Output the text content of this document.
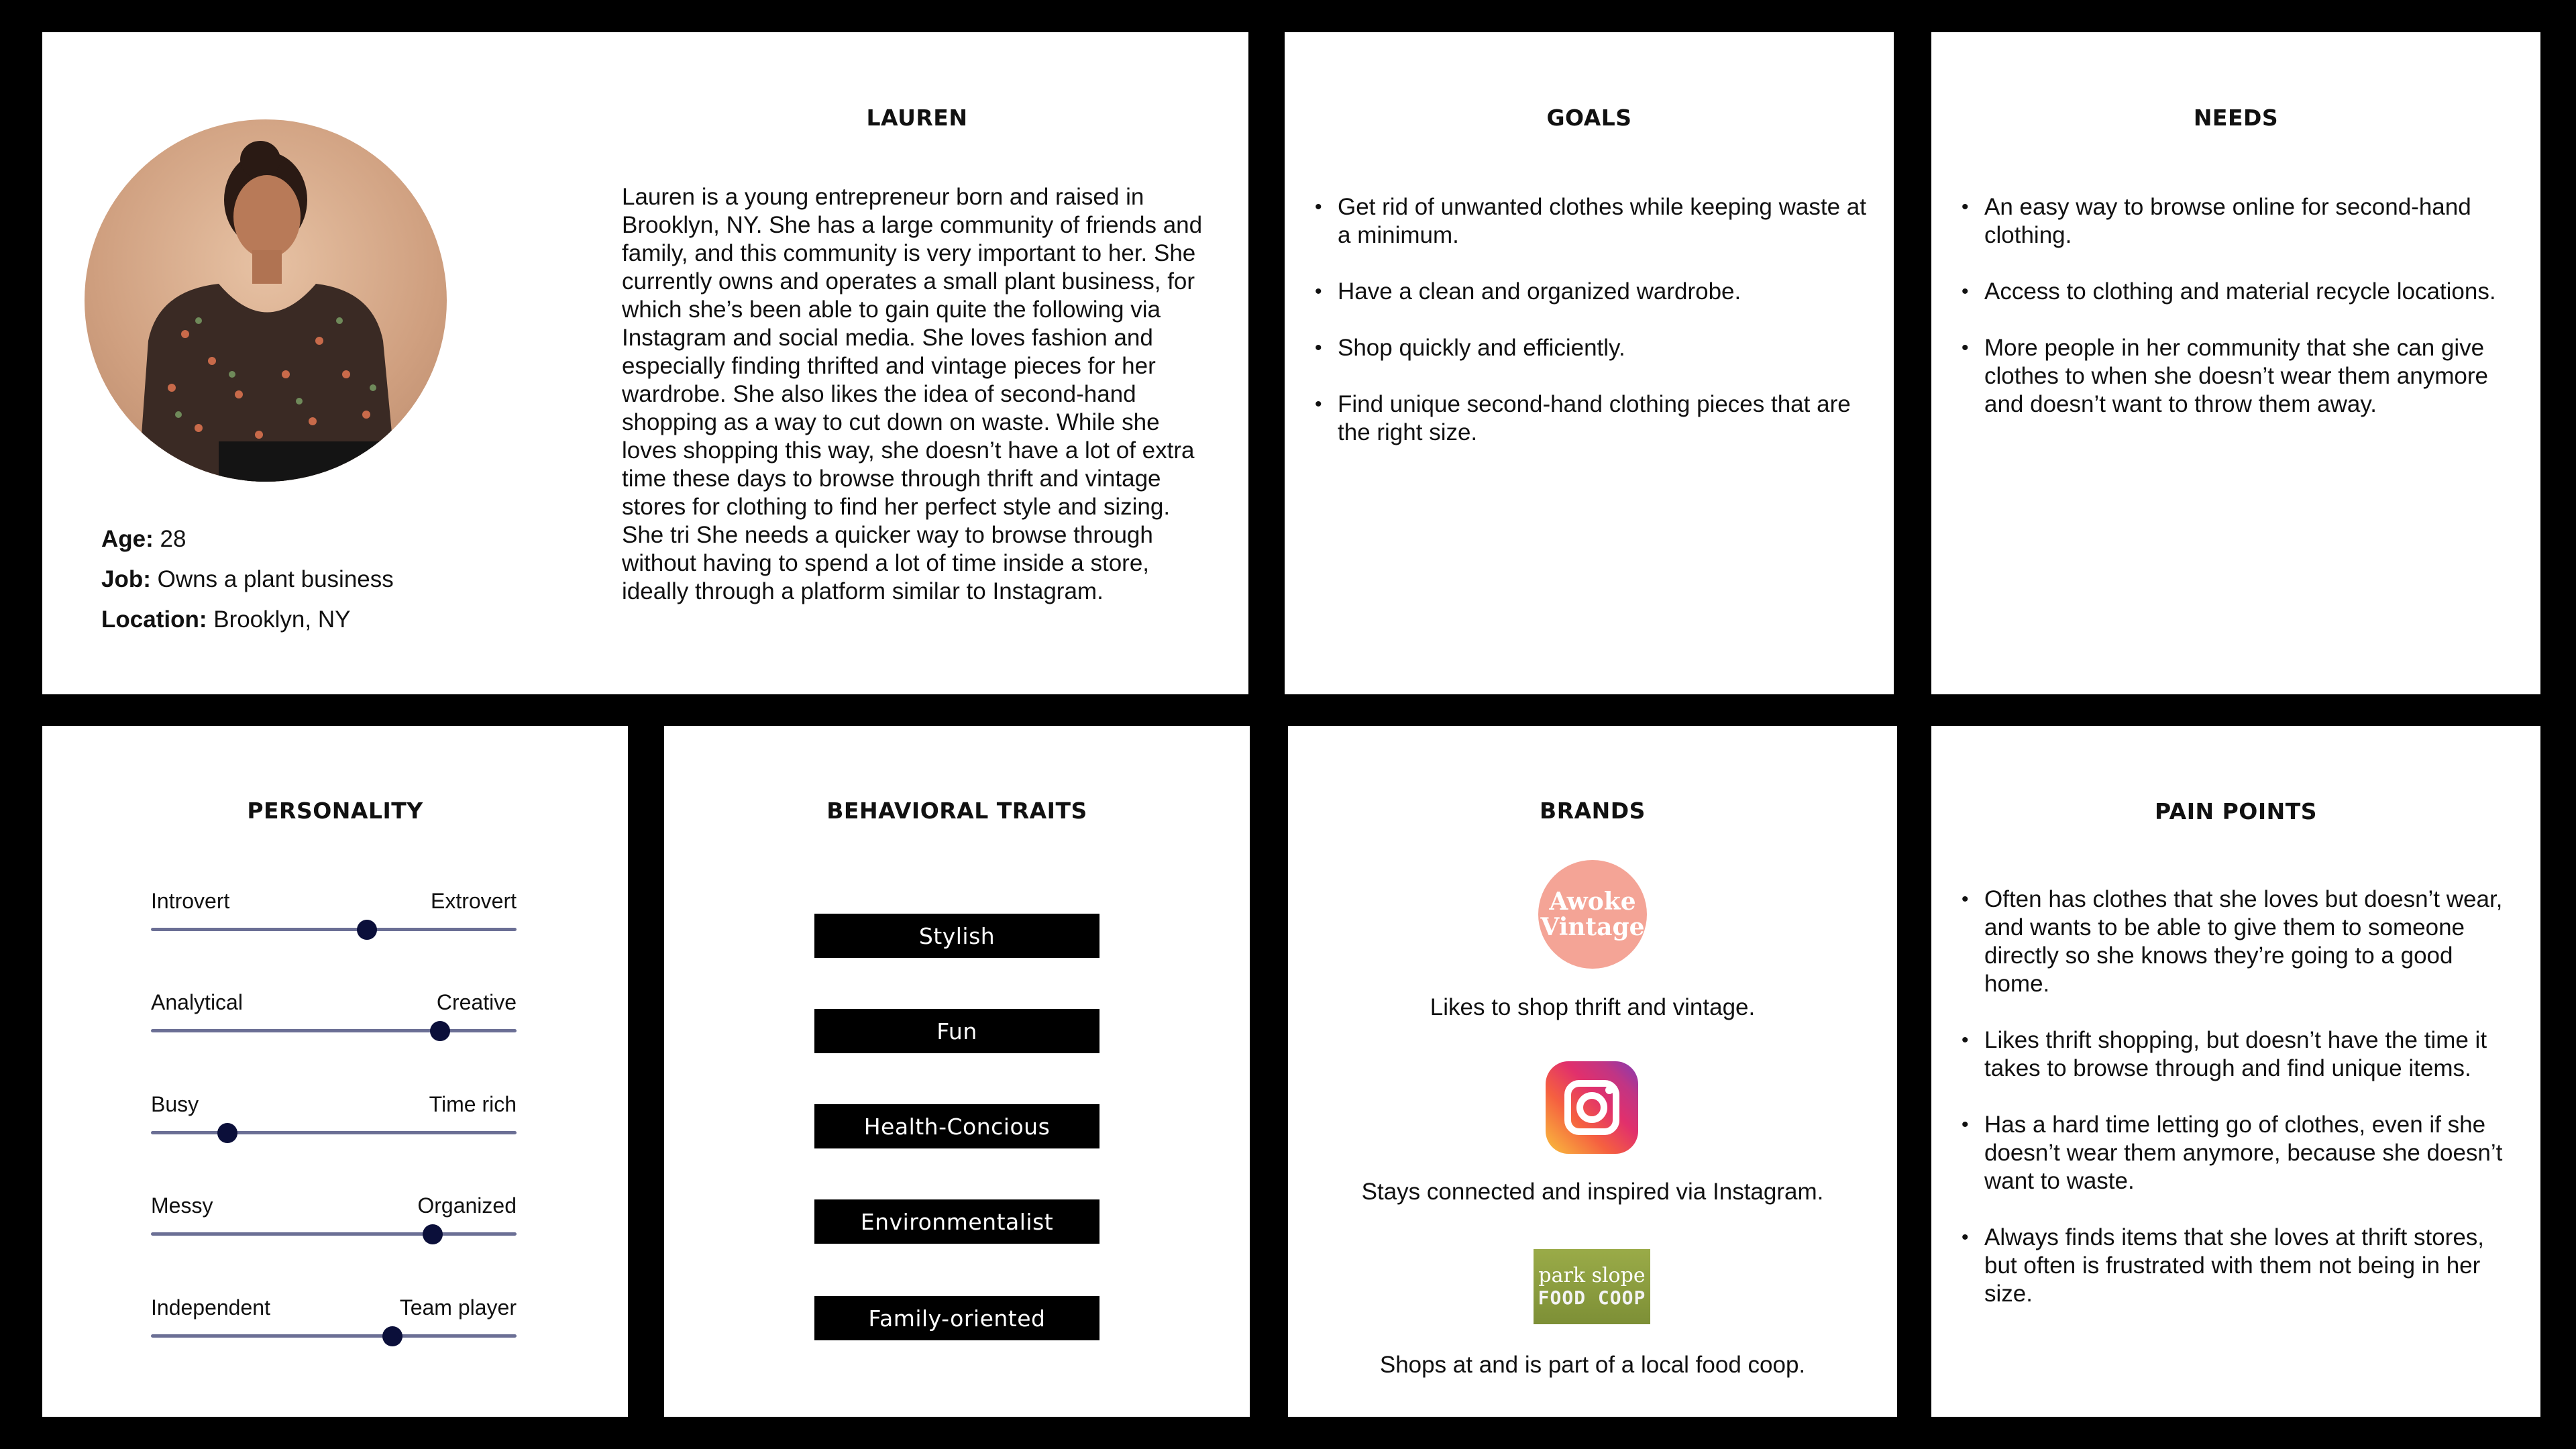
LAUREN
Age: 28
Job: Owns a plant business
Location: Brooklyn, NY

Lauren is a young entrepreneur born and raised in Brooklyn, NY. She has a large community of friends and family, and this community is very important to her. She currently owns and operates a small plant business, for which she’s been able to gain quite the following via Instagram and social media. She loves fashion and especially finding thrifted and vintage pieces for her wardrobe. She also likes the idea of second-hand shopping as a way to cut down on waste. While she loves shopping this way, she doesn’t have a lot of extra time these days to browse through thrift and vintage stores for clothing to find her perfect style and sizing. She tri She needs a quicker way to browse through without having to spend a lot of time inside a store, ideally through a platform similar to Instagram.

GOALS
• Get rid of unwanted clothes while keeping waste at a minimum.
• Have a clean and organized wardrobe.
• Shop quickly and efficiently.
• Find unique second-hand clothing pieces that are the right size.
NEEDS
• An easy way to browse online for second-hand clothing.
• Access to clothing and material recycle locations.
• More people in her community that she can give clothes to when she doesn’t wear them anymore and doesn’t want to throw them away.
PERSONALITY
Introvert	Extrovert
Analytical	Creative
Busy	Time rich
Messy	Organized
Independent	Team player
BEHAVIORAL TRAITS
Stylish
Fun
Health-Concious
Environmentalist
Family-oriented
BRANDS
Awoke
Vintage
Likes to shop thrift and vintage.
Stays connected and inspired via Instagram.
park slope
FOOD COOP
Shops at and is part of a local food coop.
PAIN POINTS
• Often has clothes that she loves but doesn’t wear, and wants to be able to give them to someone directly so she knows they’re going to a good home.
• Likes thrift shopping, but doesn’t have the time it takes to browse through and find unique items.
• Has a hard time letting go of clothes, even if she doesn’t wear them anymore, because she doesn’t want to waste.
• Always finds items that she loves at thrift stores, but often is frustrated with them not being in her size.
